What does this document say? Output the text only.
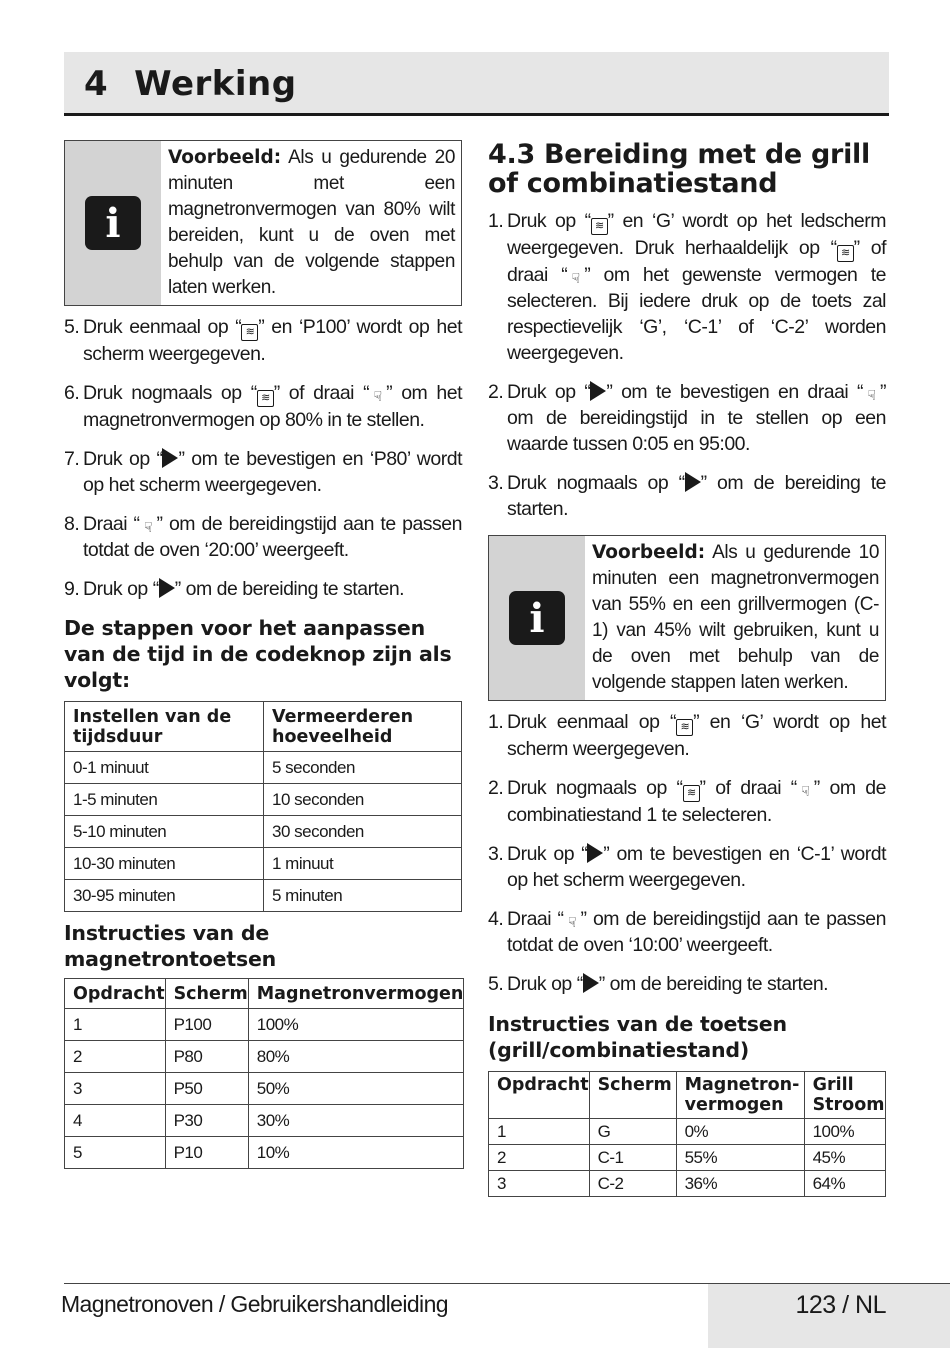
4 Werking
i
Voorbeeld: Als u gedurende 20 minuten met een magnetronvermogen van 80% wilt bereiden, kunt u de oven met behulp van de volgende stappen laten werken.
5. Druk eenmaal op “ ≋ ” en ‘P100’ wordt op het scherm weergegeven.
6. Druk nogmaals op “ ≋ ” of draai “ ☟ ” om het magnetronvermogen op 80% in te stellen.
7. Druk op “ ” om te bevestigen en ‘P80’ wordt op het scherm weergegeven.
8. Draai “ ☟ ” om de bereidingstijd aan te passen totdat de oven ‘20:00’ weergeeft.
9. Druk op “ ” om de bereiding te starten.
De stappen voor het aanpassen van de tijd in de codeknop zijn als volgt:
Instellen van de tijdsduur	Vermeerderen hoeveelheid
0-1 minuut	5 seconden
1-5 minuten	10 seconden
5-10 minuten	30 seconden
10-30 minuten	1 minuut
30-95 minuten	5 minuten
Instructies van de magnetrontoetsen
Opdracht	Scherm	Magnetronvermogen
1	P100	100%
2	P80	80%
3	P50	50%
4	P30	30%
5	P10	10%
4.3 Bereiding met de grill of combinatiestand
1. Druk op “ ≋ ” en ‘G’ wordt op het ledscherm weergegeven. Druk herhaaldelijk op “ ≋ ” of draai “ ☟ ” om het gewenste vermogen te selecteren. Bij iedere druk op de toets zal respectievelijk ‘G’, ‘C-1’ of ‘C-2’ worden weergegeven.
2. Druk op “ ” om te bevestigen en draai “ ☟ ” om de bereidingstijd in te stellen op een waarde tussen 0:05 en 95:00.
3. Druk nogmaals op “ ” om de bereiding te starten.
i
Voorbeeld: Als u gedurende 10 minuten een magnetronvermogen van 55% en een grillvermogen (C-1) van 45% wilt gebruiken, kunt u de oven met behulp van de volgende stappen laten werken.
1. Druk eenmaal op “ ≋ ” en ‘G’ wordt op het scherm weergegeven.
2. Druk nogmaals op “ ≋ ” of draai “ ☟ ” om de combinatiestand 1 te selecteren.
3. Druk op “ ” om te bevestigen en ‘C-1’ wordt op het scherm weergegeven.
4. Draai “ ☟ ” om de bereidingstijd aan te passen totdat de oven ‘10:00’ weergeeft.
5. Druk op “ ” om de bereiding te starten.
Instructies van de toetsen (grill/combinatiestand)
Opdracht	Scherm	Magnetron-vermogen	Grill Stroom
1	G	0%	100%
2	C-1	55%	45%
3	C-2	36%	64%
Magnetronoven / Gebruikershandleiding	123 / NL
